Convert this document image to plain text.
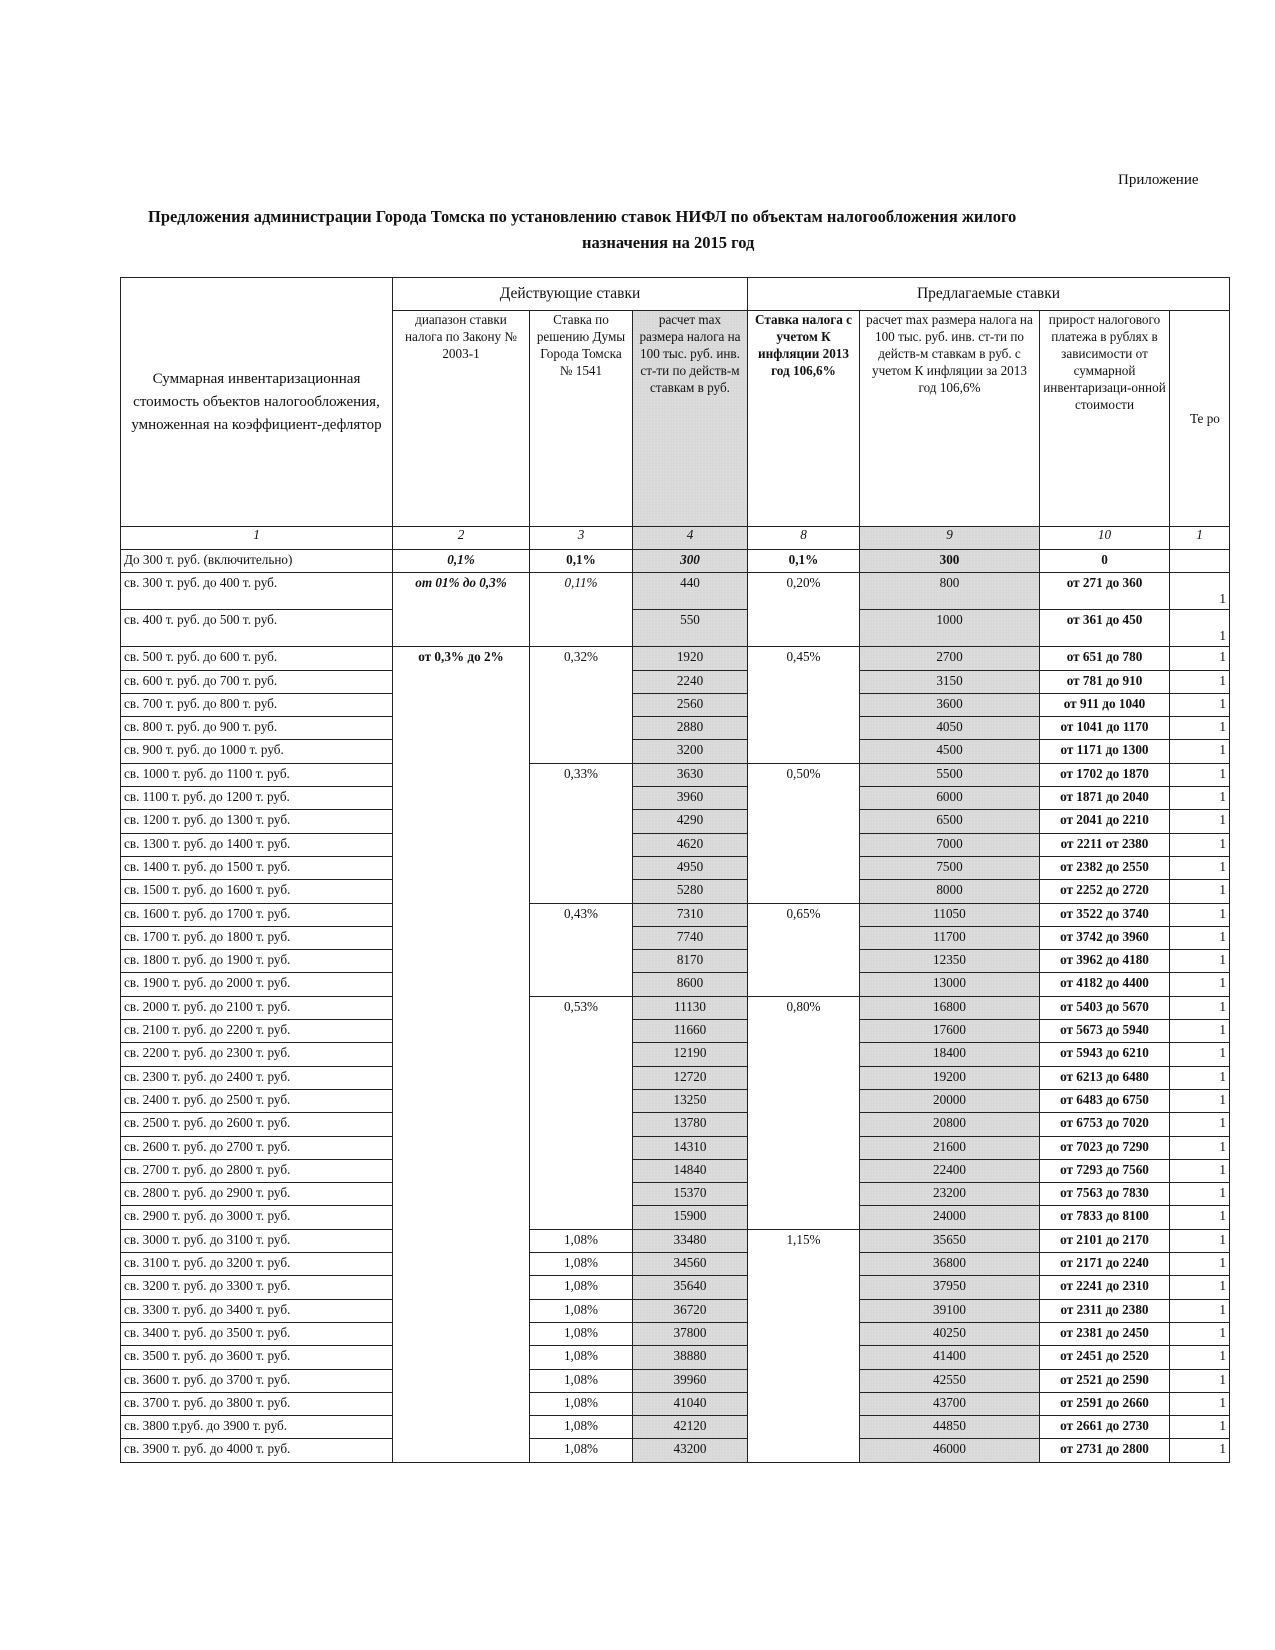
Приложение
Предложения администрации Города Томска по установлению ставок НИФЛ по объектам налогообложения жилого
назначения на 2015 год
Суммарная инвентаризационная стоимость объектов налогообложения, умноженная на коэффициент-дефлятор	Действующие ставки			Предлагаемые ставки			
	диапазон ставки налога по Закону № 2003-1	Ставка по решению Думы Города Томска № 1541	расчет max размера налога на 100 тыс. руб. инв. ст-ти по действ-м ставкам в руб.	Ставка налога с учетом К инфляции 2013 год 106,6%	расчет max размера налога на 100 тыс. руб. инв. ст-ти по действ-м ставкам в руб. с учетом К инфляции за 2013 год 106,6%	прирост налогового платежа в рублях в зависимости от суммарной инвентаризаци-онной стоимости	Те ро
1	2	3	4	8	9	10	1
До 300 т. руб. (включительно)	0,1%	0,1%	300	0,1%	300	0	
св. 300 т. руб. до 400 т. руб.	от 01% до 0,3%	0,11%	440	0,20%	800	от 271 до 360	1
св. 400 т. руб. до 500 т. руб.			550		1000	от 361 до 450	1
св. 500 т. руб. до 600 т. руб.	от 0,3% до 2%	0,32%	1920	0,45%	2700	от 651 до 780	1
св. 600 т. руб. до 700 т. руб.			2240		3150	от 781 до 910	1
св. 700 т. руб. до 800 т. руб.			2560		3600	от 911 до 1040	1
св. 800 т. руб. до 900 т. руб.			2880		4050	от 1041 до 1170	1
св. 900 т. руб. до 1000 т. руб.			3200		4500	от 1171 до 1300	1
св. 1000 т. руб. до 1100 т. руб.		0,33%	3630	0,50%	5500	от 1702 до 1870	1
св. 1100 т. руб. до 1200 т. руб.			3960		6000	от 1871 до 2040	1
св. 1200 т. руб. до 1300 т. руб.			4290		6500	от 2041 до 2210	1
св. 1300 т. руб. до 1400 т. руб.			4620		7000	от 2211 от 2380	1
св. 1400 т. руб. до 1500 т. руб.			4950		7500	от 2382 до 2550	1
св. 1500 т. руб. до 1600 т. руб.			5280		8000	от 2252 до 2720	1
св. 1600 т. руб. до 1700 т. руб.		0,43%	7310	0,65%	11050	от 3522 до 3740	1
св. 1700 т. руб. до 1800 т. руб.			7740		11700	от 3742 до 3960	1
св. 1800 т. руб. до 1900 т. руб.			8170		12350	от 3962 до 4180	1
св. 1900 т. руб. до 2000 т. руб.			8600		13000	от 4182 до 4400	1
св. 2000 т. руб. до 2100 т. руб.		0,53%	11130	0,80%	16800	от 5403 до 5670	1
св. 2100 т. руб. до 2200 т. руб.			11660		17600	от 5673 до 5940	1
св. 2200 т. руб. до 2300 т. руб.			12190		18400	от 5943 до 6210	1
св. 2300 т. руб. до 2400 т. руб.			12720		19200	от 6213 до 6480	1
св. 2400 т. руб. до 2500 т. руб.			13250		20000	от 6483 до 6750	1
св. 2500 т. руб. до 2600 т. руб.			13780		20800	от 6753 до 7020	1
св. 2600 т. руб. до 2700 т. руб.			14310		21600	от 7023 до 7290	1
св. 2700 т. руб. до 2800 т. руб.			14840		22400	от 7293 до 7560	1
св. 2800 т. руб. до 2900 т. руб.			15370		23200	от 7563 до 7830	1
св. 2900 т. руб. до 3000 т. руб.			15900		24000	от 7833 до 8100	1
св. 3000 т. руб. до 3100 т. руб.		1,08%	33480	1,15%	35650	от 2101 до 2170	1
св. 3100 т. руб. до 3200 т. руб.		1,08%	34560		36800	от 2171 до 2240	1
св. 3200 т. руб. до 3300 т. руб.		1,08%	35640		37950	от 2241 до 2310	1
св. 3300 т. руб. до 3400 т. руб.		1,08%	36720		39100	от 2311 до 2380	1
св. 3400 т. руб. до 3500 т. руб.		1,08%	37800		40250	от 2381 до 2450	1
св. 3500 т. руб. до 3600 т. руб.		1,08%	38880		41400	от 2451 до 2520	1
св. 3600 т. руб. до 3700 т. руб.		1,08%	39960		42550	от 2521 до 2590	1
св. 3700 т. руб. до 3800 т. руб.		1,08%	41040		43700	от 2591 до 2660	1
св. 3800 т.руб. до 3900 т. руб.		1,08%	42120		44850	от 2661 до 2730	1
св. 3900 т. руб. до 4000 т. руб.		1,08%	43200		46000	от 2731 до 2800	1
